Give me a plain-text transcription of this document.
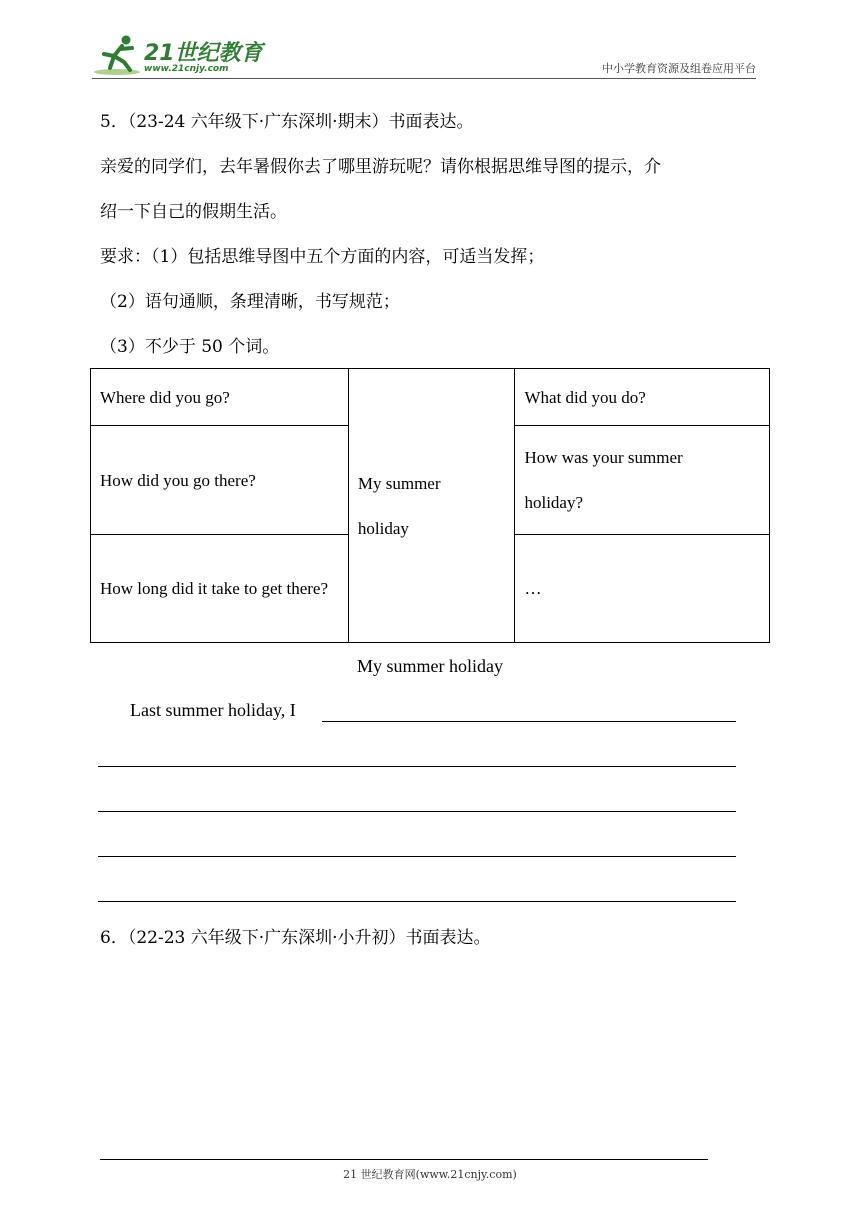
21世纪教育
www.21cnjy.com	中小学教育资源及组卷应用平台
5．（23-24 六年级下·广东深圳·期末）书面表达。
亲爱的同学们，去年暑假你去了哪里游玩呢？请你根据思维导图的提示，介
绍一下自己的假期生活。
要求：（1）包括思维导图中五个方面的内容，可适当发挥；
（2）语句通顺，条理清晰，书写规范；
（3）不少于 50 个词。
Where did you go?	My summer holiday	What did you do?
How did you go there?		How was your summer holiday?

How long did it take to get there?		…
My summer holiday
Last summer holiday, I
6．（22-23 六年级下·广东深圳·小升初）书面表达。
21 世纪教育网(www.21cnjy.com)
